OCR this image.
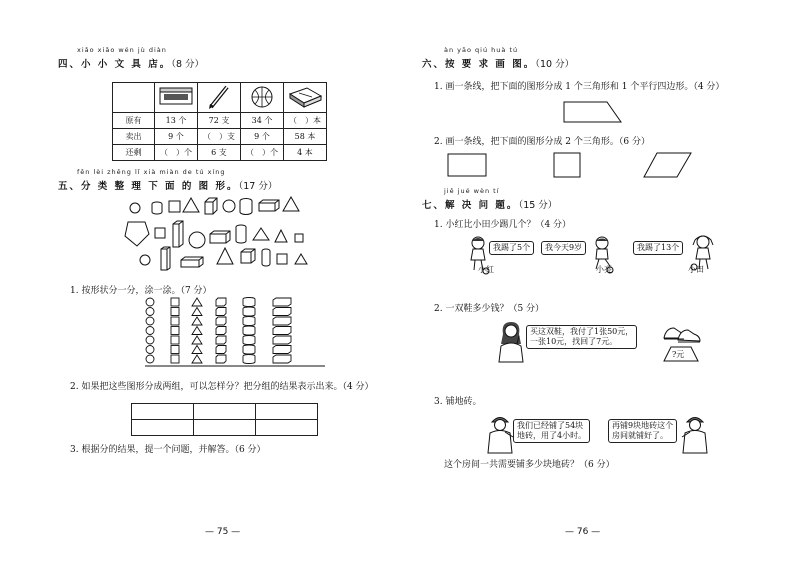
xiǎo xiǎo wén jù diàn
四、小 小 文 具 店。（8 分）

原有	13 个	72 支	34 个	（　）本
卖出	9 个	（　）支	9 个	58 本
还剩	（　）个	6 支	（　）个	4 本
fēn lèi zhěng lǐ xià miàn de tú xíng
五、分 类 整 理 下 面 的 图 形。（17 分）
1. 按形状分一分，涂一涂。（7 分）
2. 如果把这些图形分成两组，可以怎样分？把分组的结果表示出来。（4 分）

3. 根据分的结果，提一个问题，并解答。（6 分）
— 75 —
àn yāo qiú huà tú
六、按 要 求 画 图。（10 分）
1. 画一条线，把下面的图形分成 1 个三角形和 1 个平行四边形。（4 分）
2. 画一条线，把下面的图形分成 2 个三角形。（6 分）
jiě jué wèn tí
七、解 决 问 题。（15 分）
1. 小红比小田少踢几个？（4 分）
我踢了5个
小红
我今天9岁
小亮
我踢了13个
小田
2. 一双鞋多少钱？（5 分）
买这双鞋，我付了1张50元，
一张10元，找回了7元。
?元
3. 铺地砖。
我们已经铺了54块
地砖，用了4小时。
再铺9块地砖这个
房间就铺好了。
这个房间一共需要铺多少块地砖？（6 分）
— 76 —
